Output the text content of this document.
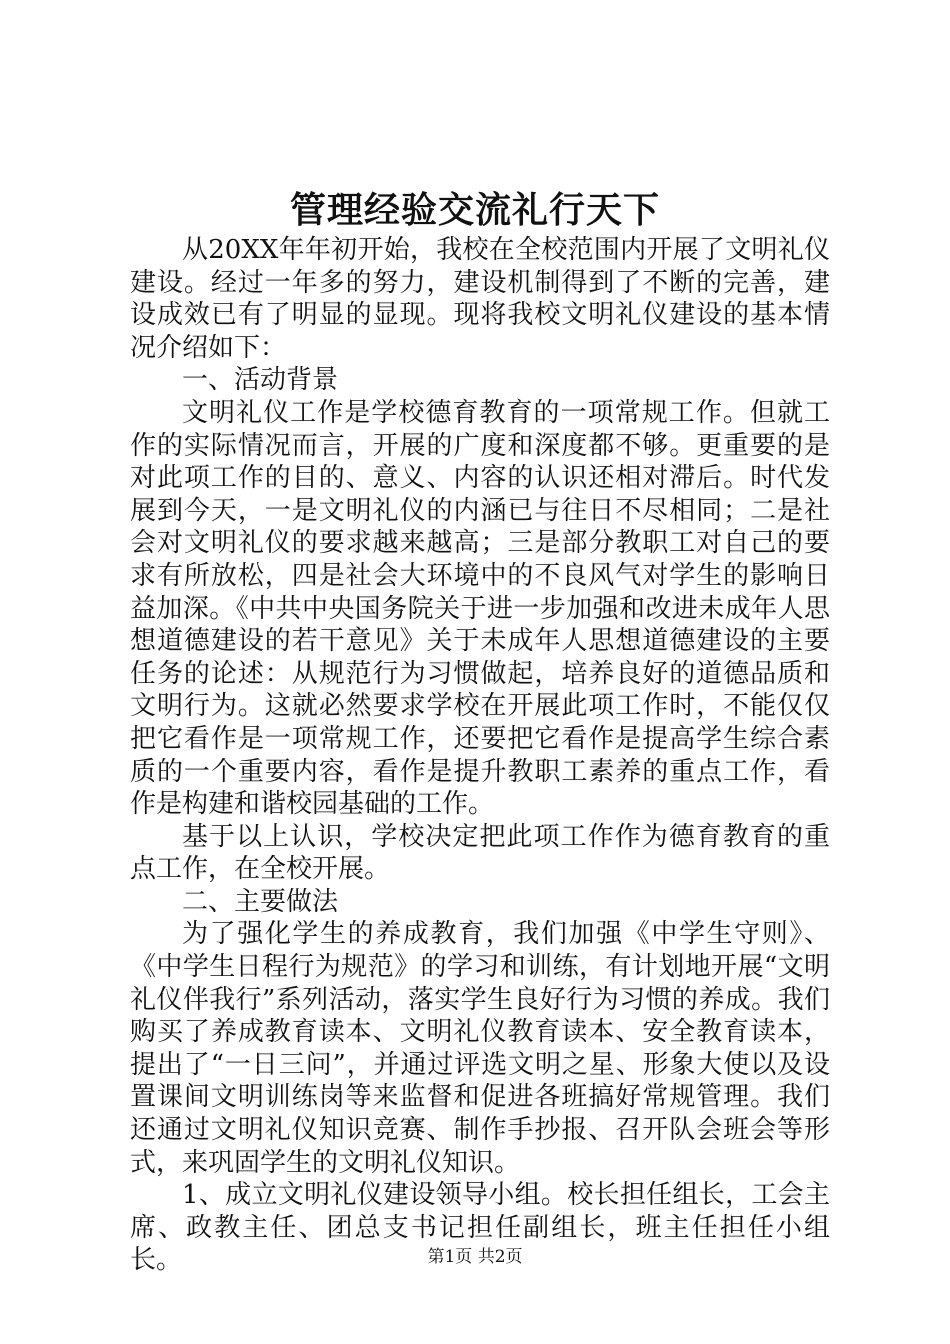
管理经验交流礼行天下

从20XX年年初开始，我校在全校范围内开展了文明礼仪建设。经过一年多的努力，建设机制得到了不断的完善，建设成效已有了明显的显现。现将我校文明礼仪建设的基本情况介绍如下：

一、活动背景

文明礼仪工作是学校德育教育的一项常规工作。但就工作的实际情况而言，开展的广度和深度都不够。更重要的是对此项工作的目的、意义、内容的认识还相对滞后。时代发展到今天，一是文明礼仪的内涵已与往日不尽相同；二是社会对文明礼仪的要求越来越高；三是部分教职工对自己的要求有所放松，四是社会大环境中的不良风气对学生的影响日益加深。《中共中央国务院关于进一步加强和改进未成年人思想道德建设的若干意见》关于未成年人思想道德建设的主要任务的论述：从规范行为习惯做起，培养良好的道德品质和文明行为。这就必然要求学校在开展此项工作时，不能仅仅把它看作是一项常规工作，还要把它看作是提高学生综合素质的一个重要内容，看作是提升教职工素养的重点工作，看作是构建和谐校园基础的工作。

基于以上认识，学校决定把此项工作作为德育教育的重点工作，在全校开展。

二、主要做法

为了强化学生的养成教育，我们加强《中学生守则》、《中学生日程行为规范》的学习和训练，有计划地开展“文明礼仪伴我行”系列活动，落实学生良好行为习惯的养成。我们购买了养成教育读本、文明礼仪教育读本、安全教育读本，提出了“一日三问”，并通过评选文明之星、形象大使以及设置课间文明训练岗等来监督和促进各班搞好常规管理。我们还通过文明礼仪知识竞赛、制作手抄报、召开队会班会等形式，来巩固学生的文明礼仪知识。

1、成立文明礼仪建设领导小组。校长担任组长，工会主席、政教主任、团总支书记担任副组长，班主任担任小组长。	第1页 共2页
